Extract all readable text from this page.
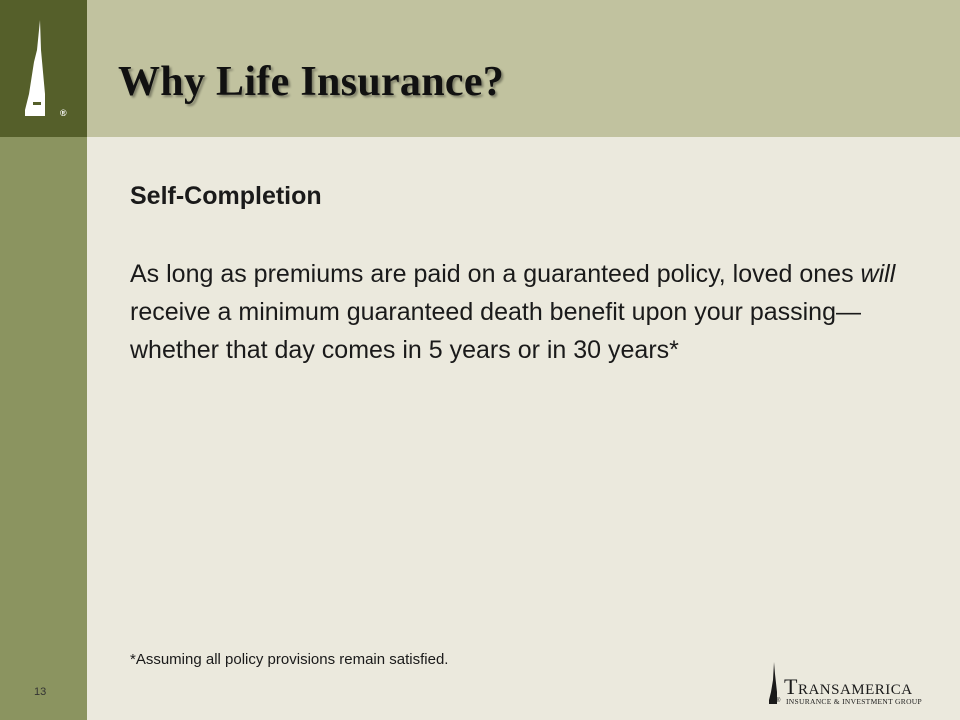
®
Why Life Insurance?
Self-Completion

As long as premiums are paid on a guaranteed policy, loved ones will receive a minimum guaranteed death benefit upon your passing—whether that day comes in 5 years or in 30 years*

*Assuming all policy provisions remain satisfied.
13
®
Transamerica
INSURANCE & INVESTMENT GROUP
